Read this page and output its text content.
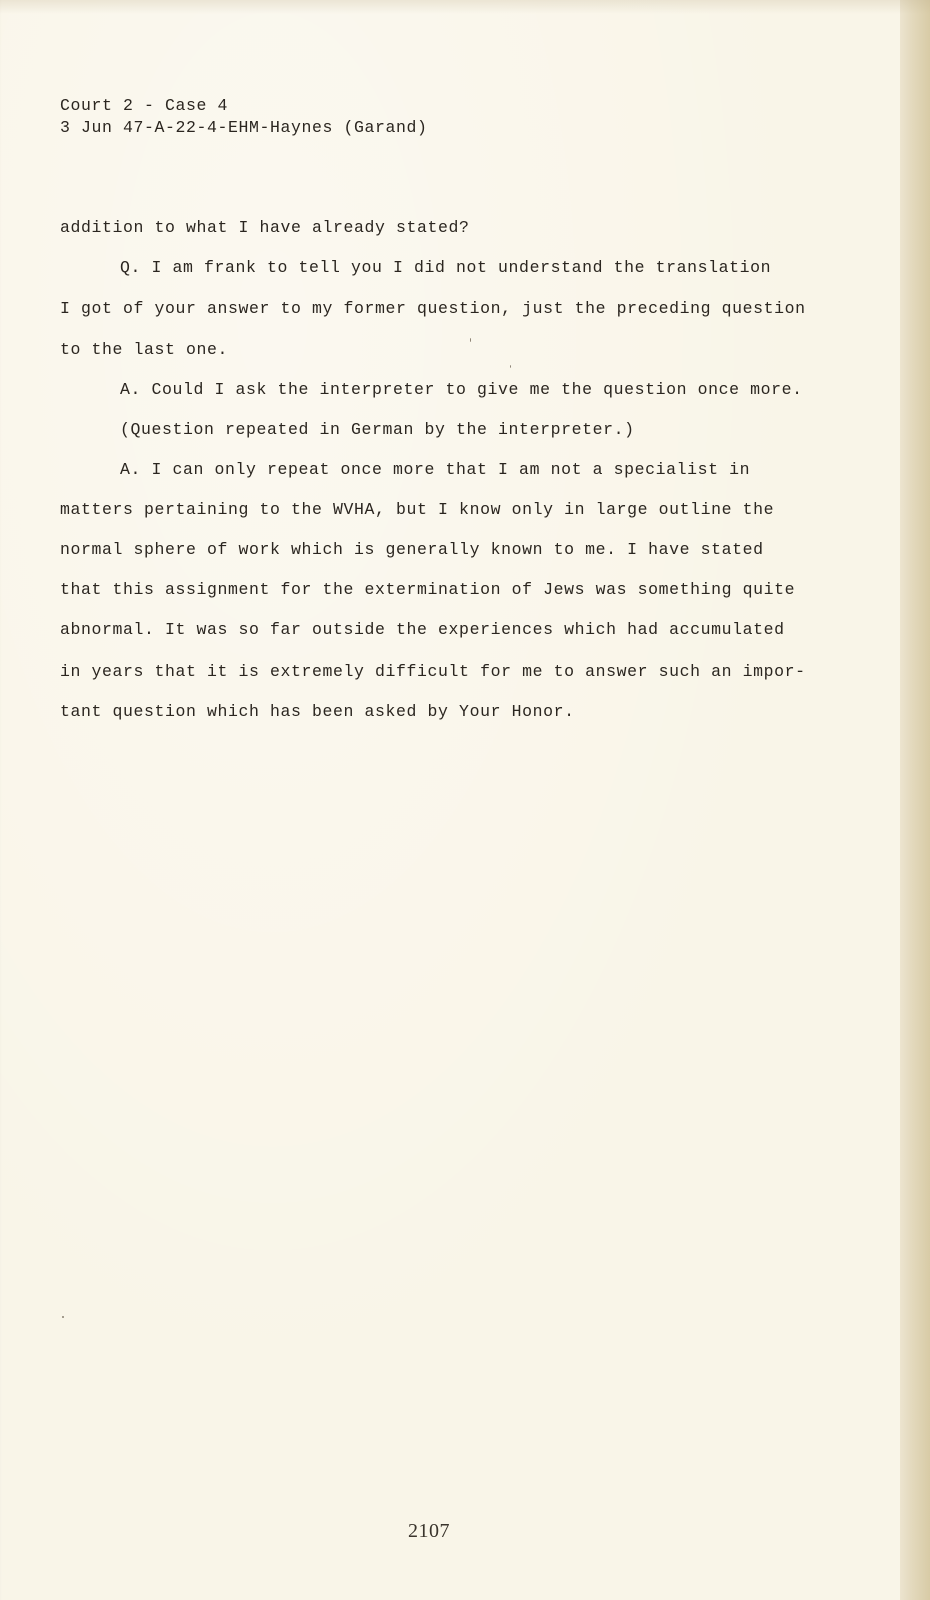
Court 2 - Case 4
3 Jun 47-A-22-4-EHM-Haynes (Garand)
addition to what I have already stated?
Q. I am frank to tell you I did not understand the translation
I got of your answer to my former question, just the preceding question
to the last one.
A. Could I ask the interpreter to give me the question once more.
(Question repeated in German by the interpreter.)
A. I can only repeat once more that I am not a specialist in
matters pertaining to the WVHA, but I know only in large outline the
normal sphere of work which is generally known to me. I have stated
that this assignment for the extermination of Jews was something quite
abnormal. It was so far outside the experiences which had accumulated
in years that it is extremely difficult for me to answer such an impor-
tant question which has been asked by Your Honor.
2107
